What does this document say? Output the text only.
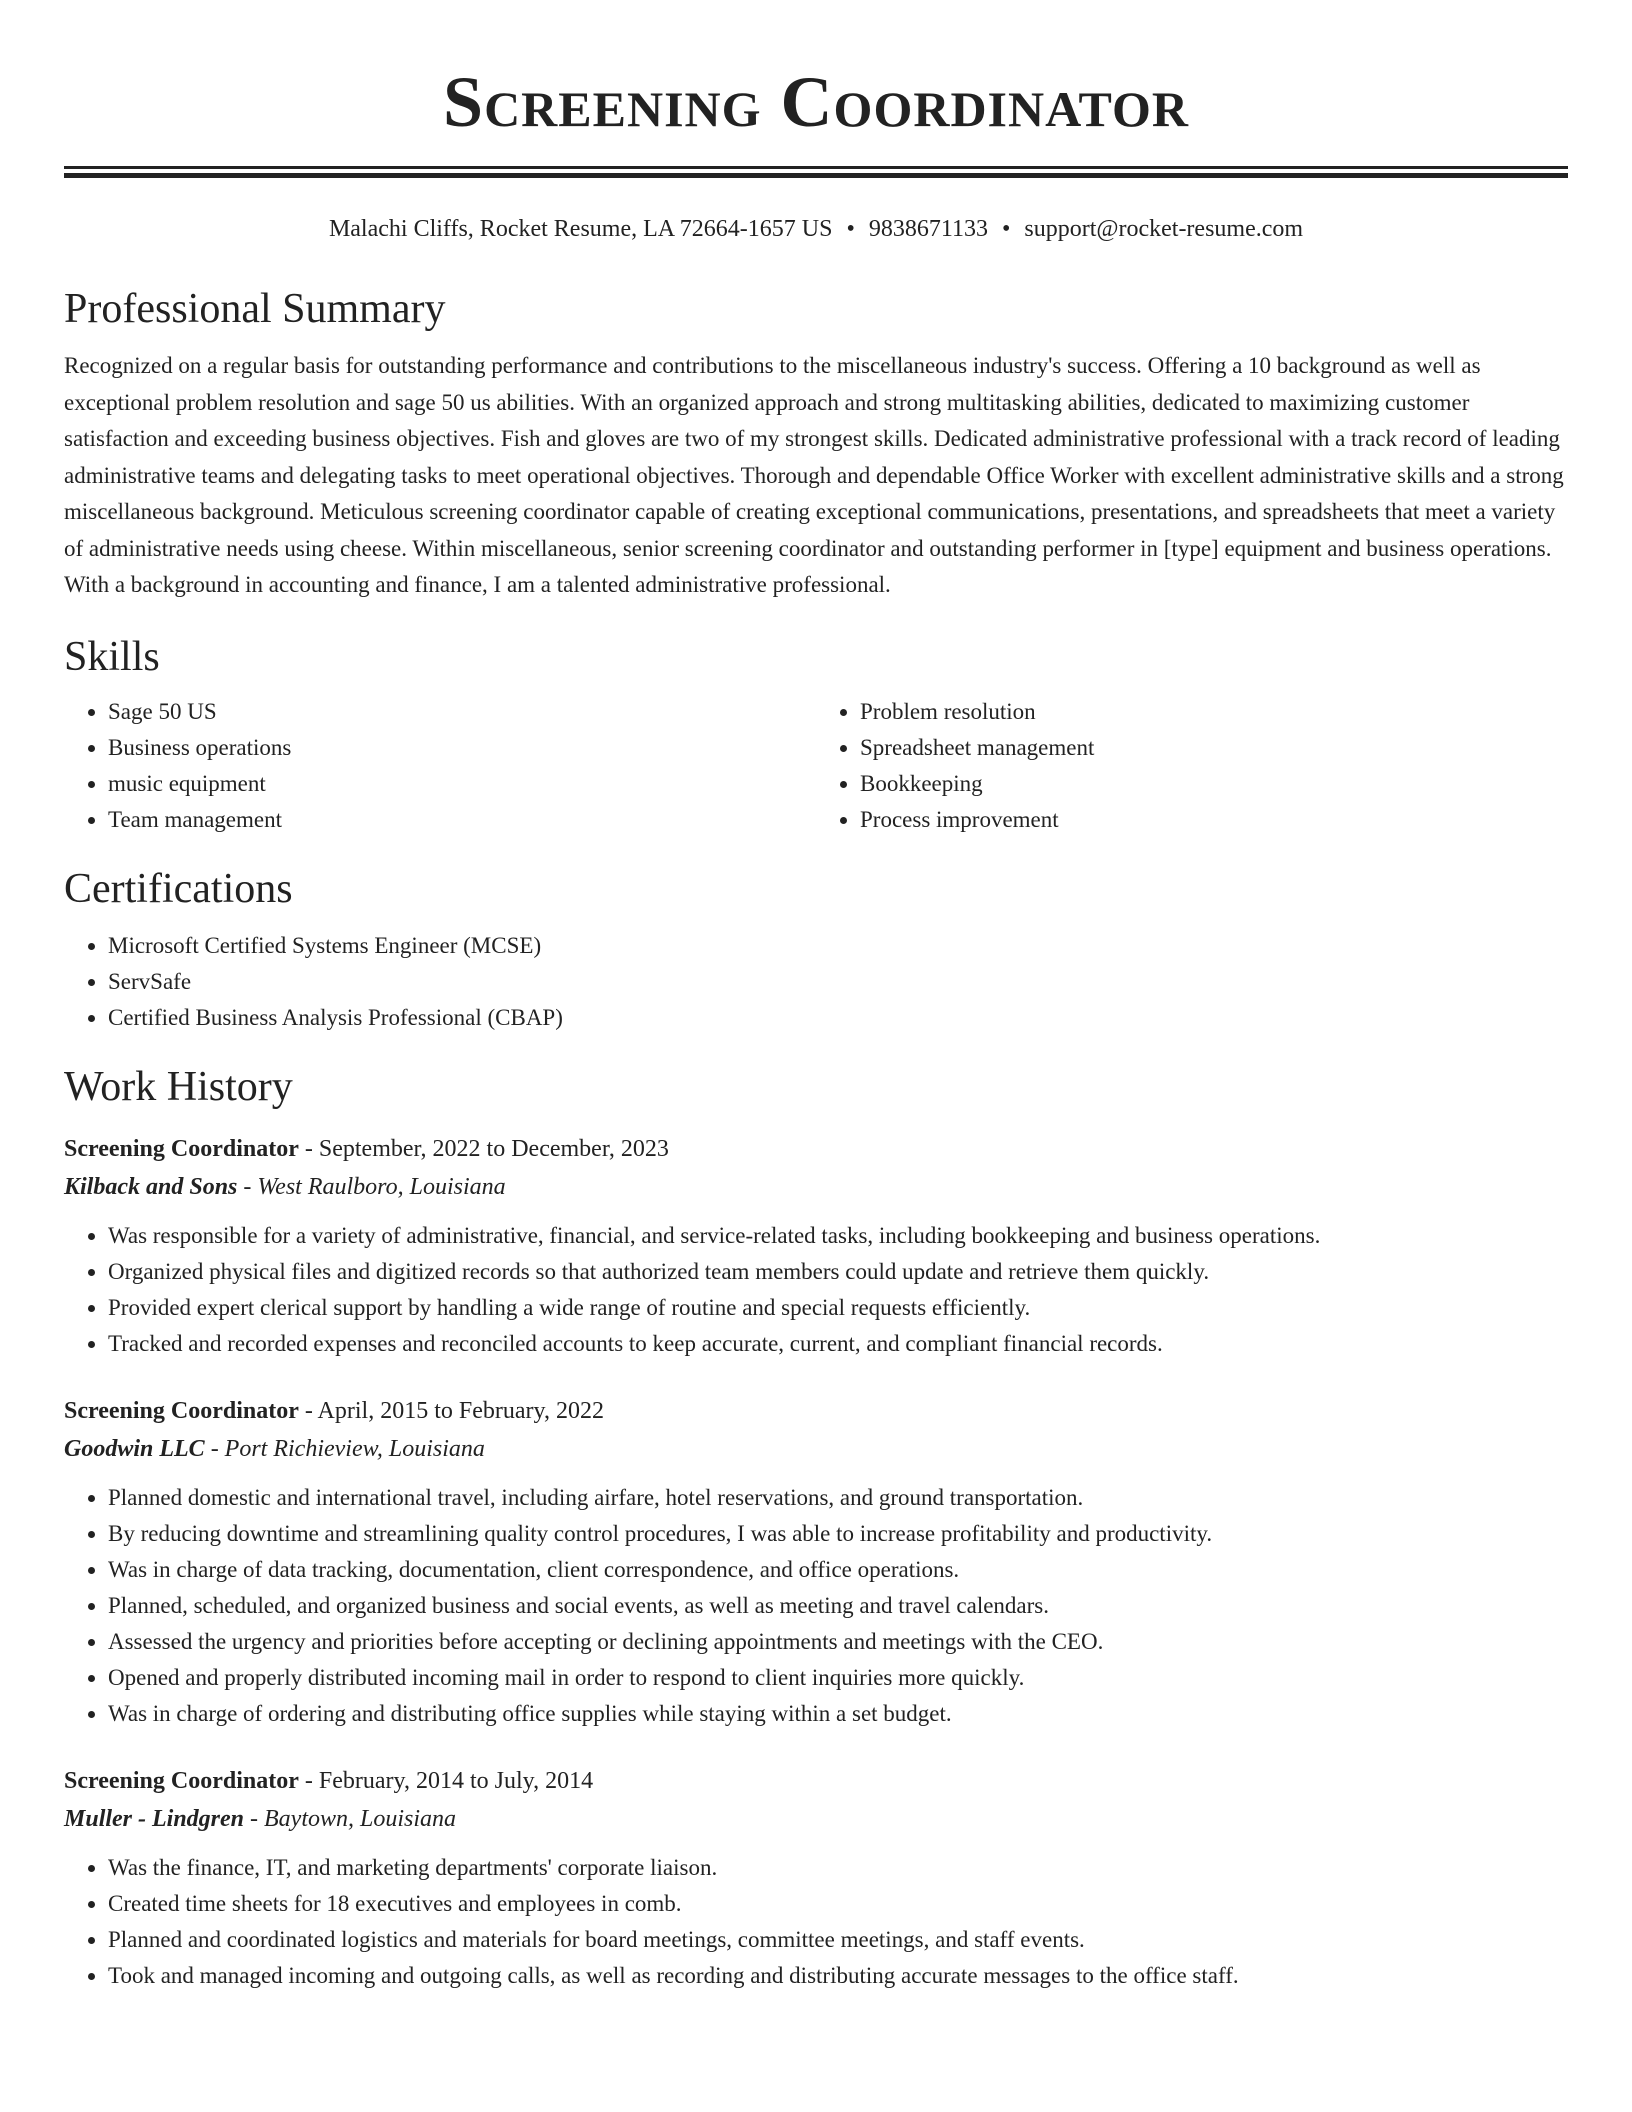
Screening Coordinator
Malachi Cliffs, Rocket Resume, LA 72664-1657 US • 9838671133 • support@rocket-resume.com
Professional Summary

Recognized on a regular basis for outstanding performance and contributions to the miscellaneous industry's success. Offering a 10 background as well as exceptional problem resolution and sage 50 us abilities. With an organized approach and strong multitasking abilities, dedicated to maximizing customer satisfaction and exceeding business objectives. Fish and gloves are two of my strongest skills. Dedicated administrative professional with a track record of leading administrative teams and delegating tasks to meet operational objectives. Thorough and dependable Office Worker with excellent administrative skills and a strong miscellaneous background. Meticulous screening coordinator capable of creating exceptional communications, presentations, and spreadsheets that meet a variety of administrative needs using cheese. Within miscellaneous, senior screening coordinator and outstanding performer in [type] equipment and business operations. With a background in accounting and finance, I am a talented administrative professional.

Skills
• Sage 50 US
• Business operations
• music equipment
• Team management
• Problem resolution
• Spreadsheet management
• Bookkeeping
• Process improvement
Certifications
• Microsoft Certified Systems Engineer (MCSE)
• ServSafe
• Certified Business Analysis Professional (CBAP)
Work History
Screening Coordinator - September, 2022 to December, 2023
Kilback and Sons - West Raulboro, Louisiana
• Was responsible for a variety of administrative, financial, and service-related tasks, including bookkeeping and business operations.
• Organized physical files and digitized records so that authorized team members could update and retrieve them quickly.
• Provided expert clerical support by handling a wide range of routine and special requests efficiently.
• Tracked and recorded expenses and reconciled accounts to keep accurate, current, and compliant financial records.
Screening Coordinator - April, 2015 to February, 2022
Goodwin LLC - Port Richieview, Louisiana
• Planned domestic and international travel, including airfare, hotel reservations, and ground transportation.
• By reducing downtime and streamlining quality control procedures, I was able to increase profitability and productivity.
• Was in charge of data tracking, documentation, client correspondence, and office operations.
• Planned, scheduled, and organized business and social events, as well as meeting and travel calendars.
• Assessed the urgency and priorities before accepting or declining appointments and meetings with the CEO.
• Opened and properly distributed incoming mail in order to respond to client inquiries more quickly.
• Was in charge of ordering and distributing office supplies while staying within a set budget.
Screening Coordinator - February, 2014 to July, 2014
Muller - Lindgren - Baytown, Louisiana
• Was the finance, IT, and marketing departments' corporate liaison.
• Created time sheets for 18 executives and employees in comb.
• Planned and coordinated logistics and materials for board meetings, committee meetings, and staff events.
• Took and managed incoming and outgoing calls, as well as recording and distributing accurate messages to the office staff.
